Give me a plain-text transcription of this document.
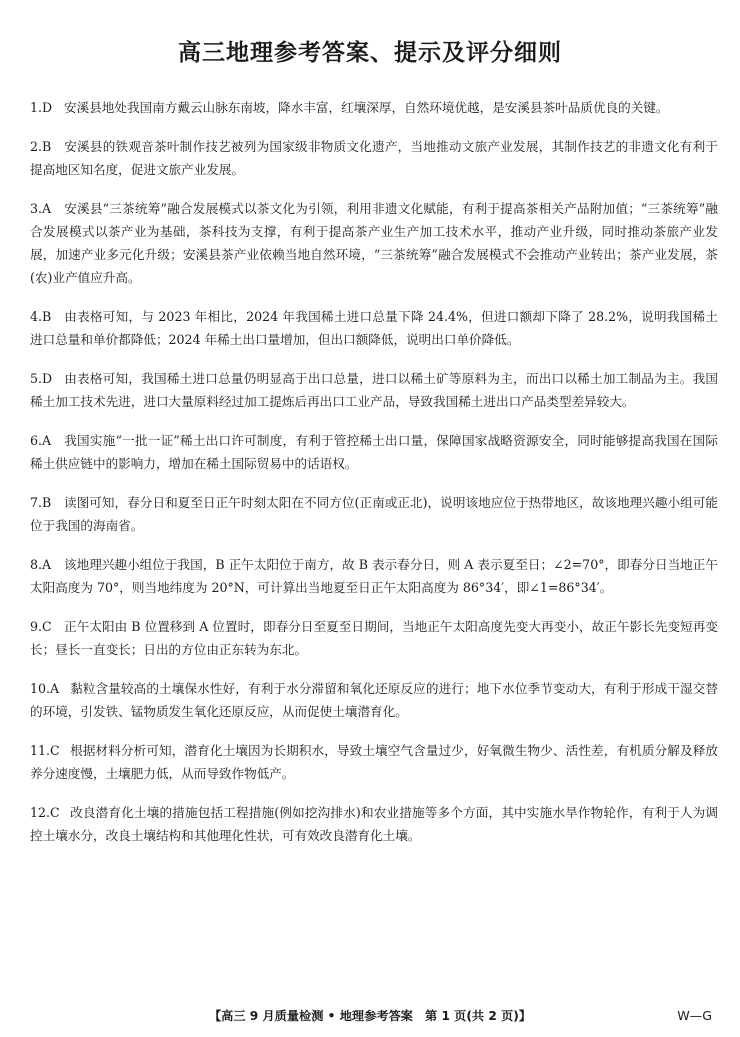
高三地理参考答案、提示及评分细则
1.D 安溪县地处我国南方戴云山脉东南坡，降水丰富，红壤深厚，自然环境优越，是安溪县茶叶品质优良的关键。
2.B 安溪县的铁观音茶叶制作技艺被列为国家级非物质文化遗产，当地推动文旅产业发展，其制作技艺的非遗文化有利于提高地区知名度，促进文旅产业发展。
3.A 安溪县“三茶统筹”融合发展模式以茶文化为引领，利用非遗文化赋能，有利于提高茶相关产品附加值；“三茶统筹”融合发展模式以茶产业为基础，茶科技为支撑，有利于提高茶产业生产加工技术水平，推动产业升级，同时推动茶旅产业发展，加速产业多元化升级；安溪县茶产业依赖当地自然环境，“三茶统筹”融合发展模式不会推动产业转出；茶产业发展，茶(农)业产值应升高。
4.B 由表格可知，与 2023 年相比，2024 年我国稀土进口总量下降 24.4%，但进口额却下降了 28.2%，说明我国稀土进口总量和单价都降低；2024 年稀土出口量增加，但出口额降低，说明出口单价降低。
5.D 由表格可知，我国稀土进口总量仍明显高于出口总量，进口以稀土矿等原料为主，而出口以稀土加工制品为主。我国稀土加工技术先进，进口大量原料经过加工提炼后再出口工业产品，导致我国稀土进出口产品类型差异较大。
6.A 我国实施“一批一证”稀土出口许可制度，有利于管控稀土出口量，保障国家战略资源安全，同时能够提高我国在国际稀土供应链中的影响力，增加在稀土国际贸易中的话语权。
7.B 读图可知，春分日和夏至日正午时刻太阳在不同方位(正南或正北)，说明该地应位于热带地区，故该地理兴趣小组可能位于我国的海南省。
8.A 该地理兴趣小组位于我国，B 正午太阳位于南方，故 B 表示春分日，则 A 表示夏至日；∠2=70°，即春分日当地正午太阳高度为 70°，则当地纬度为 20°N，可计算出当地夏至日正午太阳高度为 86°34′，即∠1=86°34′。
9.C 正午太阳由 B 位置移到 A 位置时，即春分日至夏至日期间，当地正午太阳高度先变大再变小，故正午影长先变短再变长；昼长一直变长；日出的方位由正东转为东北。
10.A 黏粒含量较高的土壤保水性好，有利于水分滞留和氧化还原反应的进行；地下水位季节变动大，有利于形成干湿交替的环境，引发铁、锰物质发生氧化还原反应，从而促使土壤潜育化。
11.C 根据材料分析可知，潜育化土壤因为长期积水，导致土壤空气含量过少，好氧微生物少、活性差，有机质分解及释放养分速度慢，土壤肥力低，从而导致作物低产。
12.C 改良潜育化土壤的措施包括工程措施(例如挖沟排水)和农业措施等多个方面，其中实施水旱作物轮作，有利于人为调控土壤水分，改良土壤结构和其他理化性状，可有效改良潜育化土壤。
【高三 9 月质量检测 • 地理参考答案　第 1 页(共 2 页)】	W—G
